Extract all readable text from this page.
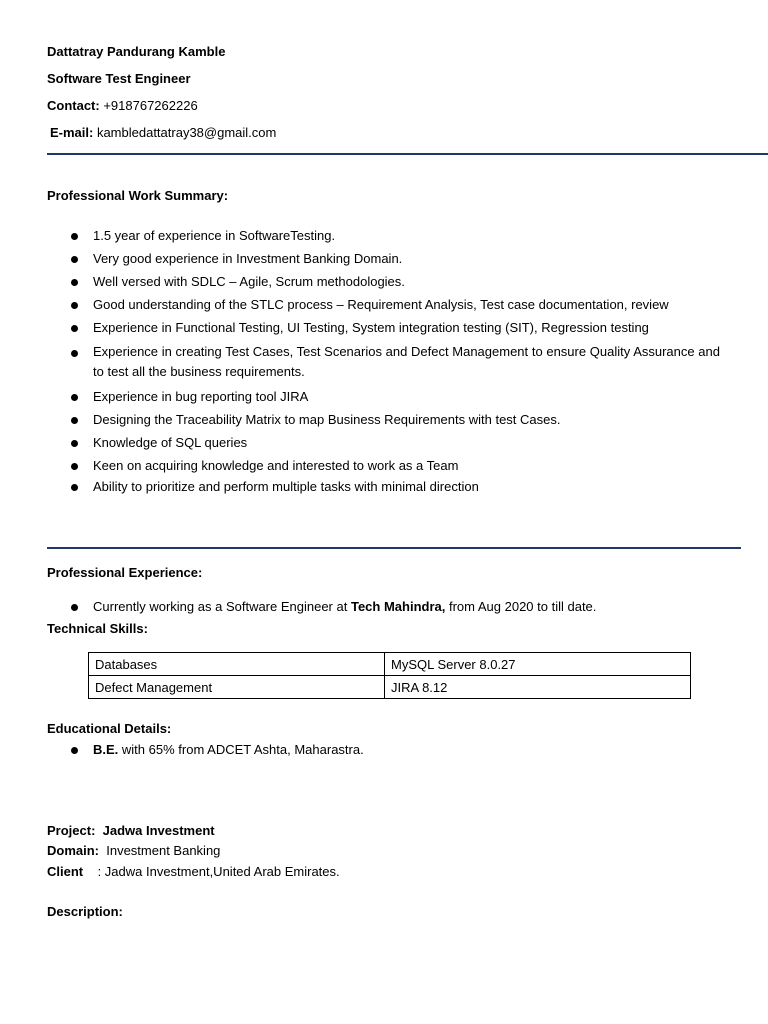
Dattatray Pandurang Kamble
Software Test Engineer
Contact: +918767262226
E-mail: kambledattatray38@gmail.com
Professional Work Summary:
1.5 year of experience in SoftwareTesting.
Very good experience in Investment Banking Domain.
Well versed with SDLC – Agile, Scrum methodologies.
Good understanding of the STLC process – Requirement Analysis, Test case documentation, review
Experience in Functional Testing, UI Testing, System integration testing (SIT), Regression testing
Experience in creating Test Cases, Test Scenarios and Defect Management to ensure Quality Assurance and to test all the business requirements.
Experience in bug reporting tool JIRA
Designing the Traceability Matrix to map Business Requirements with test Cases.
Knowledge of SQL queries
Keen on acquiring knowledge and interested to work as a Team
Ability to prioritize and perform multiple tasks with minimal direction
Professional Experience:
Currently working as a Software Engineer at Tech Mahindra, from Aug 2020 to till date.
Technical Skills:
Databases	MySQL Server 8.0.27
Defect Management	JIRA 8.12
Educational Details:
B.E. with 65% from ADCET Ashta, Maharastra.
Project:  Jadwa Investment
Domain:  Investment Banking
Client    : Jadwa Investment,United Arab Emirates.
Description:
